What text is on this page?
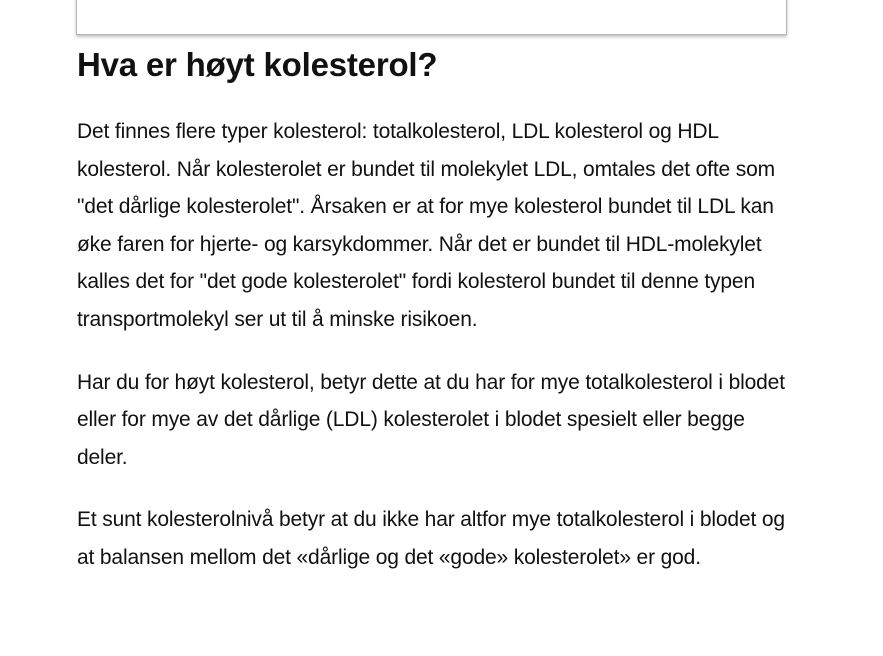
Hva er høyt kolesterol?

Det finnes flere typer kolesterol: totalkolesterol, LDL kolesterol og HDL kolesterol. Når kolesterolet er bundet til molekylet LDL, omtales det ofte som "det dårlige kolesterolet". Årsaken er at for mye kolesterol bundet til LDL kan øke faren for hjerte- og karsykdommer. Når det er bundet til HDL-molekylet kalles det for "det gode kolesterolet" fordi kolesterol bundet til denne typen transportmolekyl ser ut til å minske risikoen.

Har du for høyt kolesterol, betyr dette at du har for mye totalkolesterol i blodet eller for mye av det dårlige (LDL) kolesterolet i blodet spesielt eller begge deler.

Et sunt kolesterolnivå betyr at du ikke har altfor mye totalkolesterol i blodet og at balansen mellom det «dårlige og det «gode» kolesterolet» er god.
